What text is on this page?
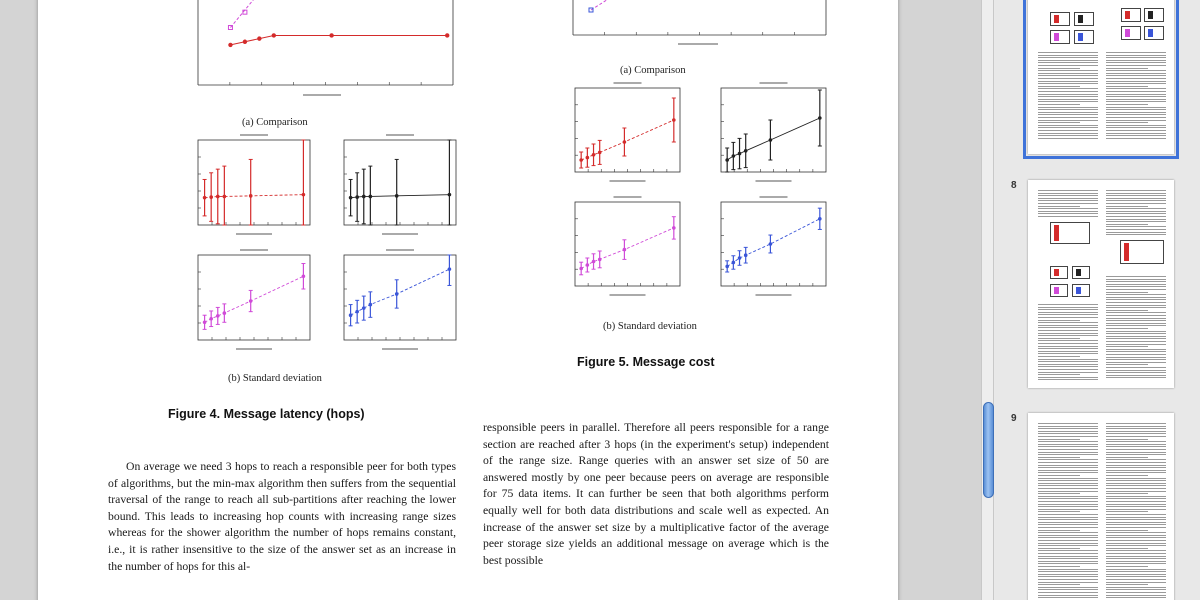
(a) Comparison
(b) Standard deviation
Figure 4. Message latency (hops)
(a) Comparison
(b) Standard deviation
Figure 5. Message cost
On average we need 3 hops to reach a responsible peer for both types of algorithms, but the min-max algorithm then suffers from the sequential traversal of the range to reach all sub-partitions after reaching the lower bound. This leads to increasing hop counts with increasing range sizes whereas for the shower algorithm the number of hops remains constant, i.e., it is rather insensitive to the size of the answer set as an increase in the number of hops for this al-
responsible peers in parallel. Therefore all peers responsible for a range section are reached after 3 hops (in the experiment's setup) independent of the range size. Range queries with an answer set size of 50 are answered mostly by one peer because peers on average are responsible for 75 data items. It can further be seen that both algorithms perform equally well for both data distributions and scale well as expected. An increase of the answer set size by a multiplicative factor of the average peer storage size yields an additional message on average which is the best possible
8
9
